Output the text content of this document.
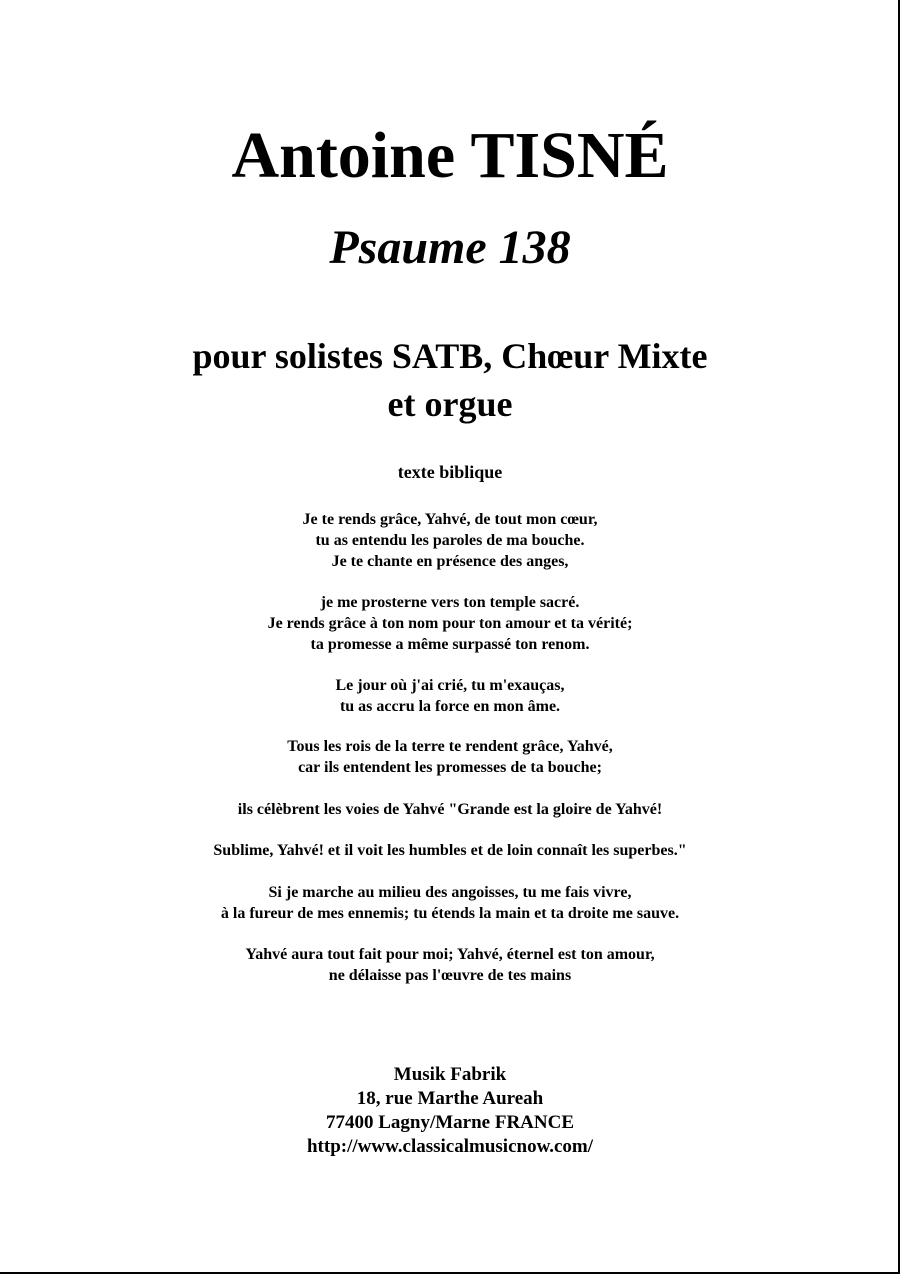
Antoine TISNÉ
Psaume 138
pour solistes SATB, Chœur Mixte
et orgue
texte biblique
Je te rends grâce, Yahvé, de tout mon cœur,
tu as entendu les paroles de ma bouche.
Je te chante en présence des anges,
je me prosterne vers ton temple sacré.
Je rends grâce à ton nom pour ton amour et ta vérité;
ta promesse a même surpassé ton renom.
Le jour où j'ai crié, tu m'exauças,
tu as accru la force en mon âme.
Tous les rois de la terre te rendent grâce, Yahvé,
car ils entendent les promesses de ta bouche;
ils célèbrent les voies de Yahvé "Grande est la gloire de Yahvé!
Sublime, Yahvé! et il voit les humbles et de loin connaît les superbes."
Si je marche au milieu des angoisses, tu me fais vivre,
à la fureur de mes ennemis; tu étends la main et ta droite me sauve.
Yahvé aura tout fait pour moi; Yahvé, éternel est ton amour,
ne délaisse pas l'œuvre de tes mains
Musik Fabrik
18, rue Marthe Aureah
77400 Lagny/Marne FRANCE
http://www.classicalmusicnow.com/
